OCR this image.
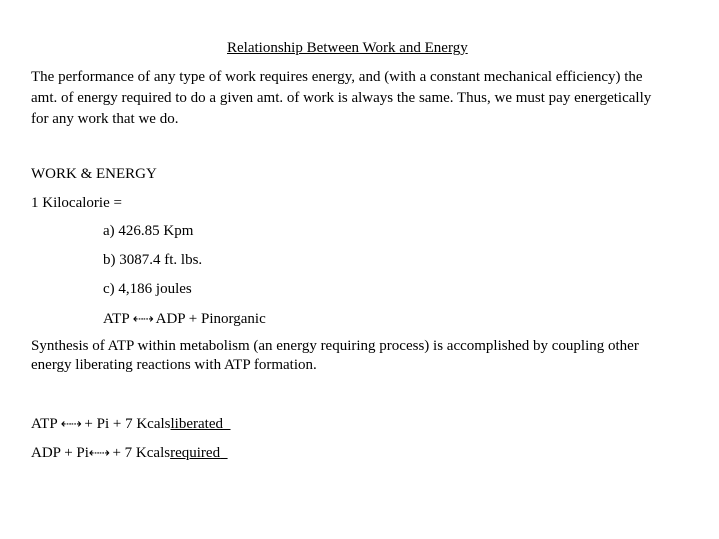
Relationship Between Work and Energy
The performance of any type of work requires energy, and (with a constant mechanical efficiency) the amt. of energy required to do a given amt. of work is always the same. Thus, we must pay energetically for any work that we do.
WORK & ENERGY
1 Kilocalorie =
a) 426.85 Kpm
b) 3087.4 ft. lbs.
c) 4,186 joules
ATP ⇠⇢ ADP + Pinorganic
Synthesis of ATP within metabolism (an energy requiring process) is accomplished by coupling other energy liberating reactions with ATP formation.
ATP ⇠⇢ + Pi + 7 Kcalsliberated
ADP + Pi⇠⇢ + 7 Kcalsrequired
